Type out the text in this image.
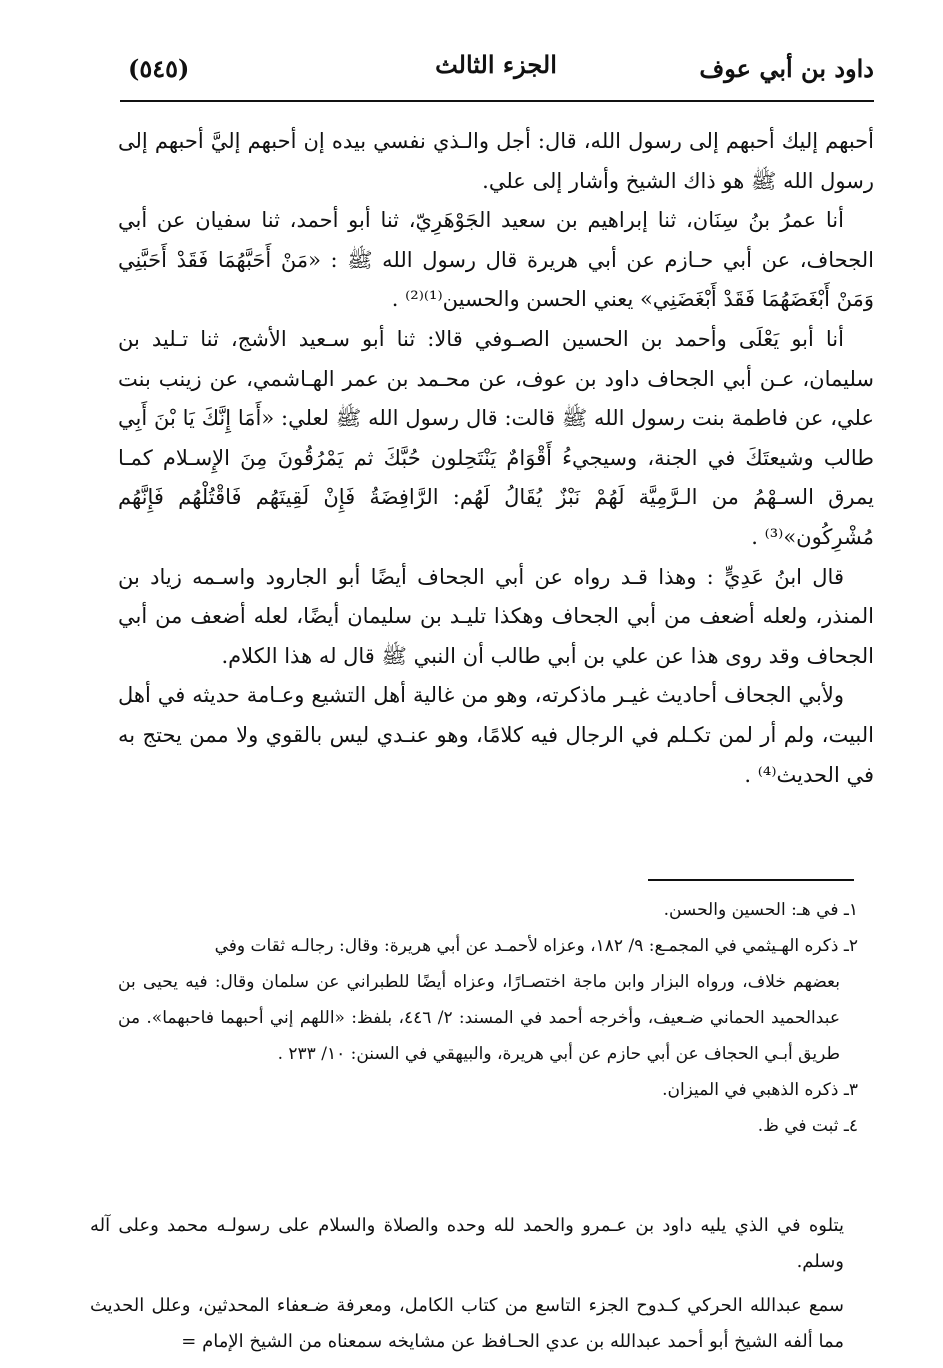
داود بن أبي عوف
الجزء الثالث
(٥٤٥)

أحبهم إليك أحبهم إلى رسول الله، قال: أجل والـذي نفسي بيده إن أحبهم إليَّ أحبهم إلى رسول الله ﷺ هو ذاك الشيخ وأشار إلى علي.

أنا عمرُ بنُ سِنَان، ثنا إبراهيم بن سعيد الجَوْهَرِيّ، ثنا أبو أحمد، ثنا سفيان عن أبي الجحاف، عن أبي حـازم عن أبي هريرة قال رسول الله ﷺ : «مَنْ أَحَبَّهُمَا فَقَدْ أَحَبَّنِي وَمَنْ أَبْغَضَهُمَا فَقَدْ أَبْغَضَنِي» يعني الحسن والحسين⁽¹⁾⁽²⁾ .

أنا أبو يَعْلَى وأحمد بن الحسين الصـوفي قالا: ثنا أبو سـعيد الأشج، ثنا تـليد بن سليمان، عـن أبي الجحاف داود بن عوف، عن محـمد بن عمر الهـاشمي، عن زينب بنت علي، عن فاطمة بنت رسول الله ﷺ قالت: قال رسول الله ﷺ لعلي: «أَمَا إِنَّكَ يَا بْنَ أَبِي طالب وشيعتَكَ في الجنة، وسيجيءُ أَقْوَامٌ يَنْتَحِلون حُبَّكَ ثم يَمْرُقُونَ مِنَ الإِسـلام كمـا يمرق السـهْمُ من الـرَّمِيَّة لَهُمْ نَبْزٌ يُقَالُ لَهُم: الرَّافِضَةُ فَإِنْ لَقِيتَهُم فَاقْتُلْهُم فَإِنَّهُم مُشْرِكُون»⁽³⁾ .

قال ابنُ عَدِيٍّ : وهذا قـد رواه عن أبي الجحاف أيضًا أبو الجارود واسـمه زياد بن المنذر، ولعله أضعف من أبي الجحاف وهكذا تليـد بن سليمان أيضًا، لعله أضعف من أبي الجحاف وقد روى هذا عن علي بن أبي طالب أن النبي ﷺ قال له هذا الكلام.

ولأبي الجحاف أحاديث غيـر ماذكرته، وهو من غالية أهل التشيع وعـامة حديثه في أهل البيت، ولم أر لمن تكـلم في الرجال فيه كلامًا، وهو عنـدي ليس بالقوي ولا ممن يحتج به في الحديث⁽⁴⁾ .

١ـ في هـ: الحسين والحسن.

٢ـ ذكره الهـيثمي في المجمـع: ٩/ ١٨٢، وعزاه لأحمـد عن أبي هريرة: وقال: رجالـه ثقات وفي

بعضهم خلاف، ورواه البزار وابن ماجة اختصـارًا، وعزاه أيضًا للطبراني عن سلمان وقال: فيه يحيى بن عبدالحميد الحماني ضـعيف، وأخرجه أحمد في المسند: ٢/ ٤٤٦، بلفظ: «اللهم إني أحبهما فاحبهما». من طريق أبـي الحجاف عن أبي حازم عن أبي هريرة، والبيهقي في السنن: ١٠/ ٢٣٣ .

٣ـ ذكره الذهبي في الميزان.

٤ـ ثبت في ظ.

يتلوه في الذي يليه داود بن عـمرو والحمد لله وحده والصلاة والسلام على رسولـه محمد وعلى آله وسلم.

سمع عبدالله الحركي كـدوح الجزء التاسع من كتاب الكامل، ومعرفة ضـعفاء المحدثين، وعلل الحديث مما ألفه الشيخ أبو أحمد عبدالله بن عدي الحـافظ عن مشايخه سمعناه من الشيخ الإمام =
